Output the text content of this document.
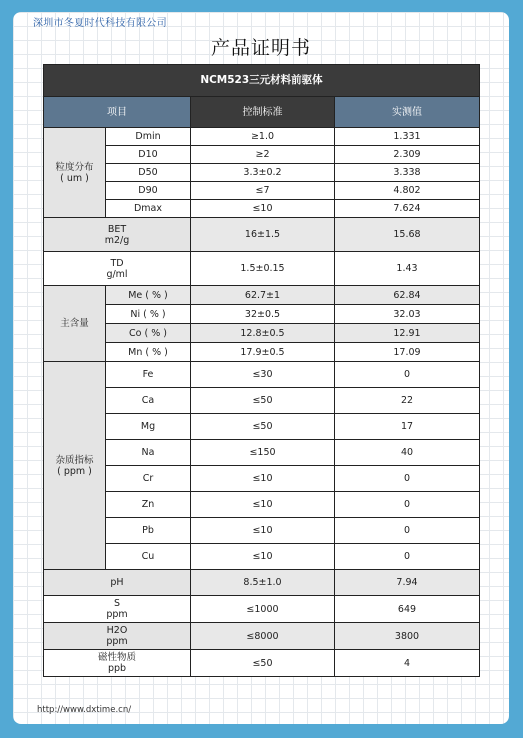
深圳市冬夏时代科技有限公司
产品证明书
NCM523三元材料前驱体			
项目		控制标准	实测值
粒度分布
( um )	Dmin	≥1.0	1.331
	D10	≥2	2.309
	D50	3.3±0.2	3.338
	D90	≤7	4.802
	Dmax	≤10	7.624
BET
m2/g		16±1.5	15.68
TD
g/ml		1.5±0.15	1.43
主含量	Me ( % )	62.7±1	62.84
	Ni ( % )	32±0.5	32.03
	Co ( % )	12.8±0.5	12.91
	Mn ( % )	17.9±0.5	17.09
杂质指标
( ppm )	Fe	≤30	0
	Ca	≤50	22
	Mg	≤50	17
	Na	≤150	40
	Cr	≤10	0
	Zn	≤10	0
	Pb	≤10	0
	Cu	≤10	0
pH		8.5±1.0	7.94
S
ppm		≤1000	649
H2O
ppm		≤8000	3800
磁性物质
ppb		≤50	4
http://www.dxtime.cn/
